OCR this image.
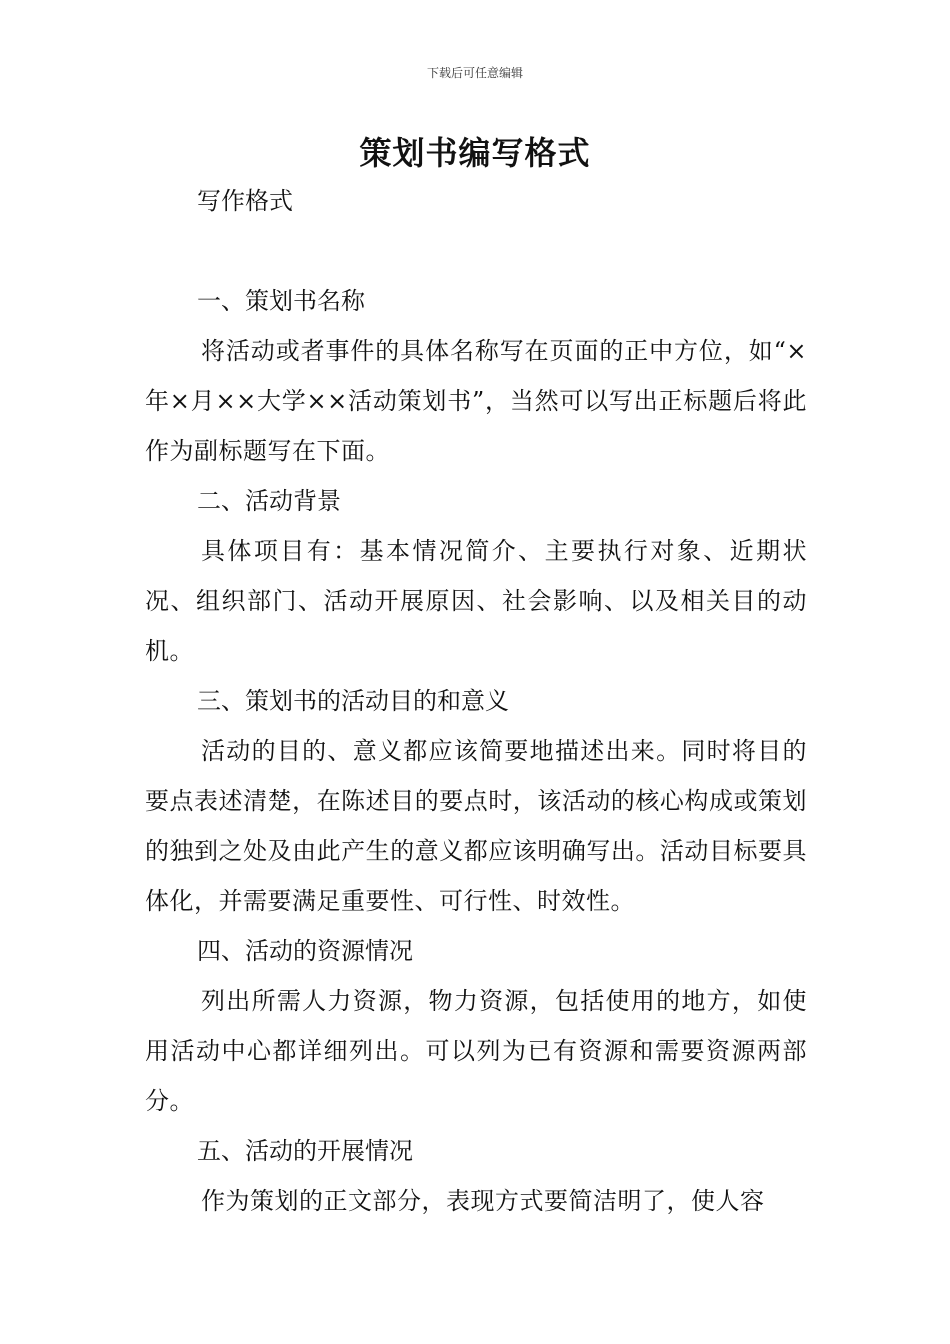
下载后可任意编辑
策划书编写格式

写作格式

一、策划书名称

将活动或者事件的具体名称写在页面的正中方位，如“×年×月××大学××活动策划书”，当然可以写出正标题后将此作为副标题写在下面。

二、活动背景

具体项目有：基本情况简介、主要执行对象、近期状况、组织部门、活动开展原因、社会影响、以及相关目的动机。

三、策划书的活动目的和意义

活动的目的、意义都应该简要地描述出来。同时将目的要点表述清楚，在陈述目的要点时，该活动的核心构成或策划的独到之处及由此产生的意义都应该明确写出。活动目标要具体化，并需要满足重要性、可行性、时效性。

四、活动的资源情况

列出所需人力资源，物力资源，包括使用的地方，如使用活动中心都详细列出。可以列为已有资源和需要资源两部分。

五、活动的开展情况

作为策划的正文部分，表现方式要简洁明了，使人容
